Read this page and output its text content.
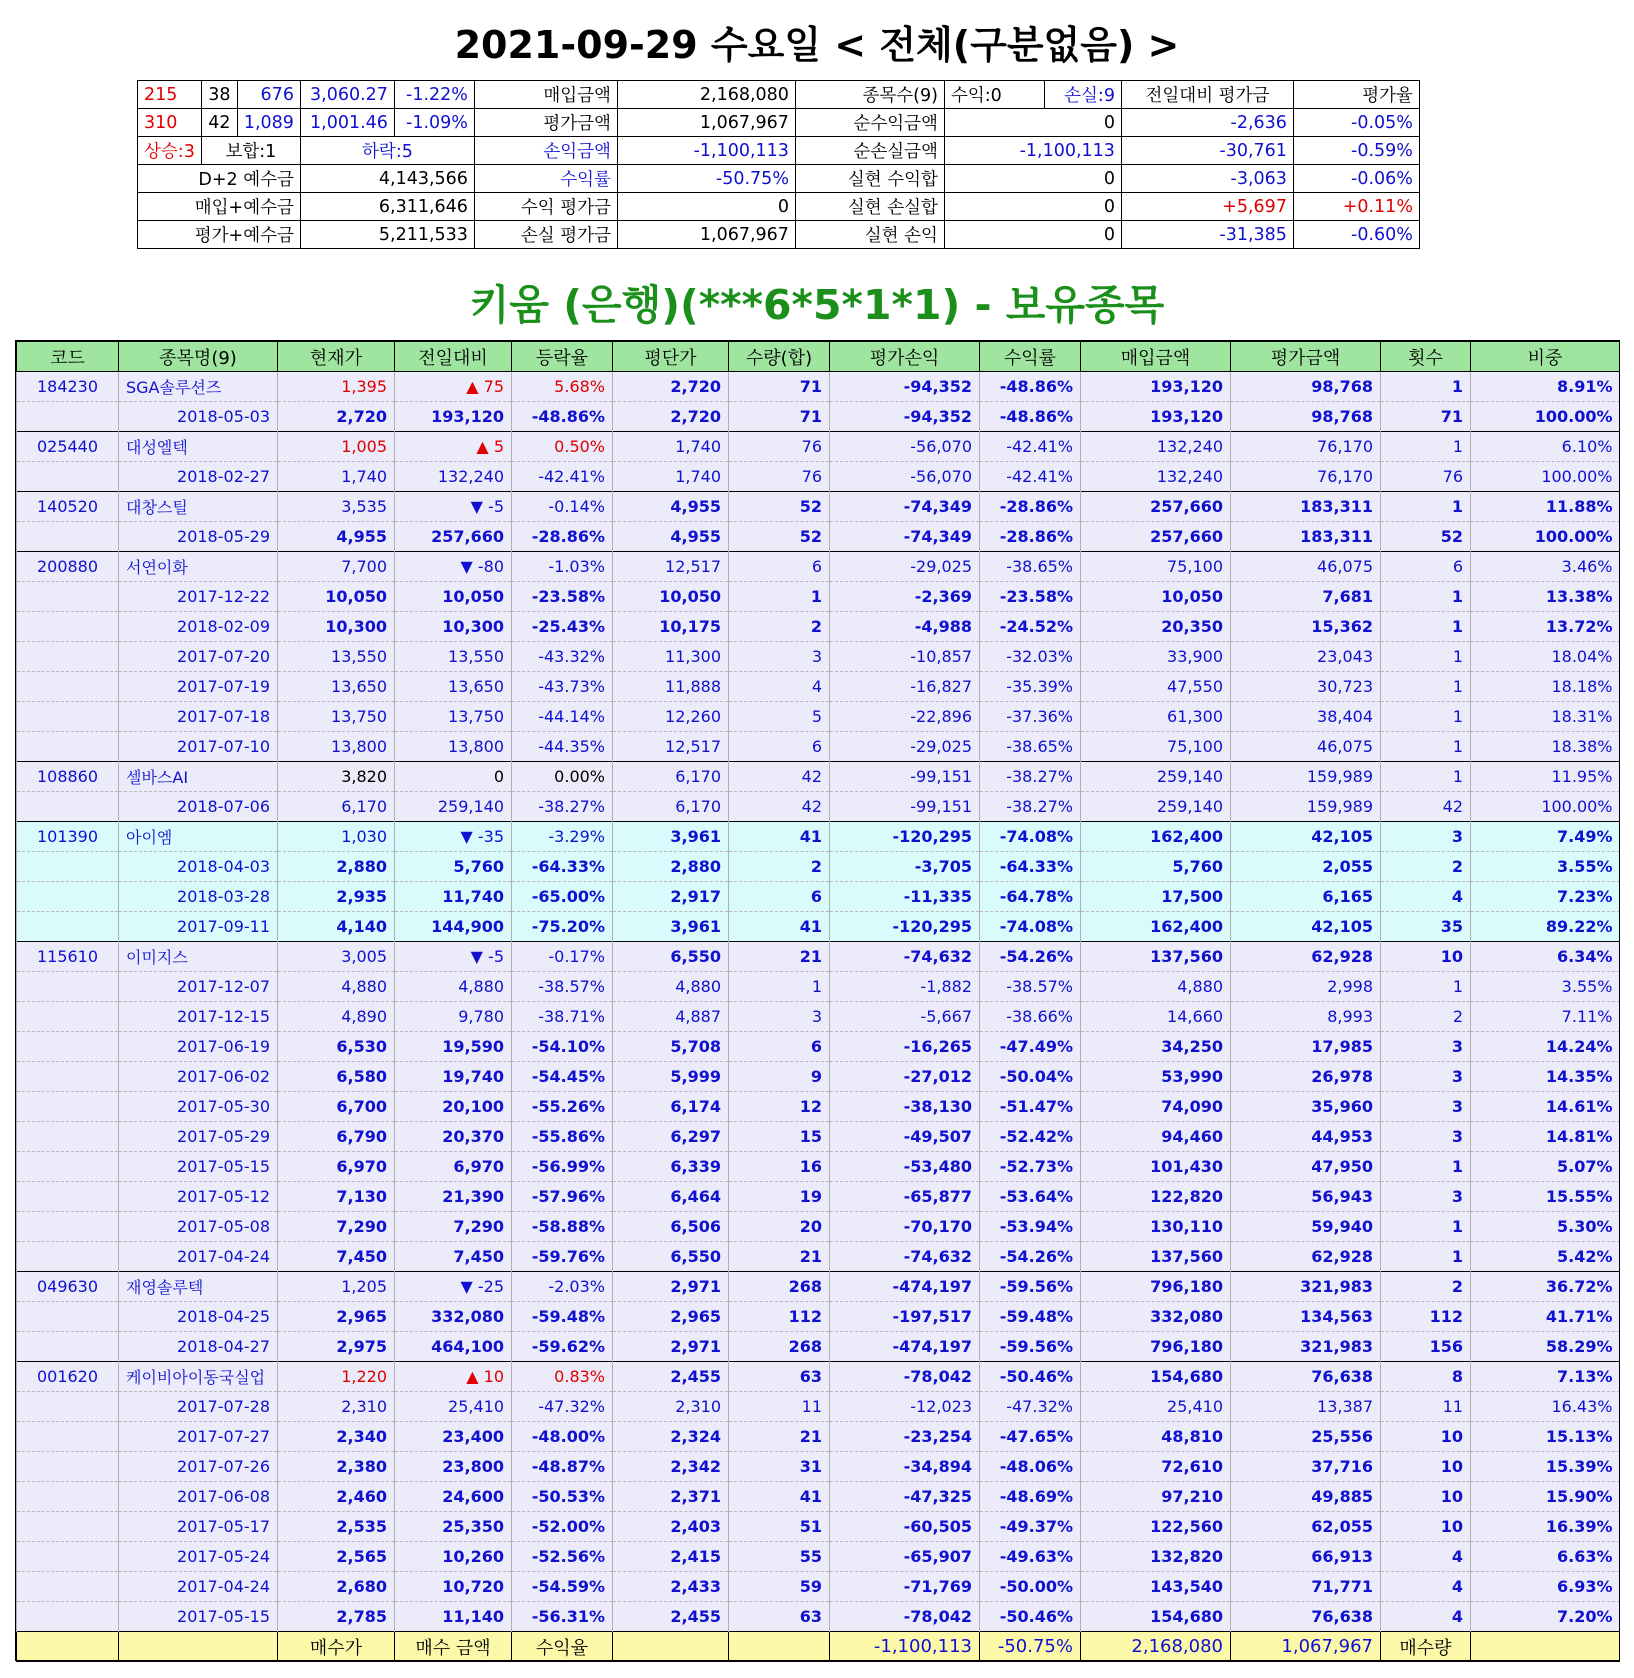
2021-09-29 수요일 < 전체(구분없음) >
215	38	676	3,060.27	-1.22%	매입금액	2,168,080	종목수(9)	수익:0	손실:9	전일대비 평가금	평가율
310	42	1,089	1,001.46	-1.09%	평가금액	1,067,967	순수익금액	0		-2,636	-0.05%
상승:3	보합:1		하락:5		손익금액	-1,100,113	순손실금액	-1,100,113		-30,761	-0.59%
D+2 예수금			4,143,566		수익률	-50.75%	실현 수익합	0		-3,063	-0.06%
매입+예수금			6,311,646		수익 평가금	0	실현 손실합	0		+5,697	+0.11%
평가+예수금			5,211,533		손실 평가금	1,067,967	실현 손익	0		-31,385	-0.60%
키움 (은행)(***6*5*1*1) - 보유종목
코드	종목명(9)	현재가	전일대비	등락율	평단가	수량(합)	평가손익	수익률	매입금액	평가금액	횟수	비중
184230	SGA솔루션즈	1,395	▲ 75	5.68%	2,720	71	-94,352	-48.86%	193,120	98,768	1	8.91%
	2018-05-03	2,720	193,120	-48.86%	2,720	71	-94,352	-48.86%	193,120	98,768	71	100.00%
025440	대성엘텍	1,005	▲ 5	0.50%	1,740	76	-56,070	-42.41%	132,240	76,170	1	6.10%
	2018-02-27	1,740	132,240	-42.41%	1,740	76	-56,070	-42.41%	132,240	76,170	76	100.00%
140520	대창스틸	3,535	▼ -5	-0.14%	4,955	52	-74,349	-28.86%	257,660	183,311	1	11.88%
	2018-05-29	4,955	257,660	-28.86%	4,955	52	-74,349	-28.86%	257,660	183,311	52	100.00%
200880	서연이화	7,700	▼ -80	-1.03%	12,517	6	-29,025	-38.65%	75,100	46,075	6	3.46%
	2017-12-22	10,050	10,050	-23.58%	10,050	1	-2,369	-23.58%	10,050	7,681	1	13.38%
	2018-02-09	10,300	10,300	-25.43%	10,175	2	-4,988	-24.52%	20,350	15,362	1	13.72%
	2017-07-20	13,550	13,550	-43.32%	11,300	3	-10,857	-32.03%	33,900	23,043	1	18.04%
	2017-07-19	13,650	13,650	-43.73%	11,888	4	-16,827	-35.39%	47,550	30,723	1	18.18%
	2017-07-18	13,750	13,750	-44.14%	12,260	5	-22,896	-37.36%	61,300	38,404	1	18.31%
	2017-07-10	13,800	13,800	-44.35%	12,517	6	-29,025	-38.65%	75,100	46,075	1	18.38%
108860	셀바스AI	3,820	0	0.00%	6,170	42	-99,151	-38.27%	259,140	159,989	1	11.95%
	2018-07-06	6,170	259,140	-38.27%	6,170	42	-99,151	-38.27%	259,140	159,989	42	100.00%
101390	아이엠	1,030	▼ -35	-3.29%	3,961	41	-120,295	-74.08%	162,400	42,105	3	7.49%
	2018-04-03	2,880	5,760	-64.33%	2,880	2	-3,705	-64.33%	5,760	2,055	2	3.55%
	2018-03-28	2,935	11,740	-65.00%	2,917	6	-11,335	-64.78%	17,500	6,165	4	7.23%
	2017-09-11	4,140	144,900	-75.20%	3,961	41	-120,295	-74.08%	162,400	42,105	35	89.22%
115610	이미지스	3,005	▼ -5	-0.17%	6,550	21	-74,632	-54.26%	137,560	62,928	10	6.34%
	2017-12-07	4,880	4,880	-38.57%	4,880	1	-1,882	-38.57%	4,880	2,998	1	3.55%
	2017-12-15	4,890	9,780	-38.71%	4,887	3	-5,667	-38.66%	14,660	8,993	2	7.11%
	2017-06-19	6,530	19,590	-54.10%	5,708	6	-16,265	-47.49%	34,250	17,985	3	14.24%
	2017-06-02	6,580	19,740	-54.45%	5,999	9	-27,012	-50.04%	53,990	26,978	3	14.35%
	2017-05-30	6,700	20,100	-55.26%	6,174	12	-38,130	-51.47%	74,090	35,960	3	14.61%
	2017-05-29	6,790	20,370	-55.86%	6,297	15	-49,507	-52.42%	94,460	44,953	3	14.81%
	2017-05-15	6,970	6,970	-56.99%	6,339	16	-53,480	-52.73%	101,430	47,950	1	5.07%
	2017-05-12	7,130	21,390	-57.96%	6,464	19	-65,877	-53.64%	122,820	56,943	3	15.55%
	2017-05-08	7,290	7,290	-58.88%	6,506	20	-70,170	-53.94%	130,110	59,940	1	5.30%
	2017-04-24	7,450	7,450	-59.76%	6,550	21	-74,632	-54.26%	137,560	62,928	1	5.42%
049630	재영솔루텍	1,205	▼ -25	-2.03%	2,971	268	-474,197	-59.56%	796,180	321,983	2	36.72%
	2018-04-25	2,965	332,080	-59.48%	2,965	112	-197,517	-59.48%	332,080	134,563	112	41.71%
	2018-04-27	2,975	464,100	-59.62%	2,971	268	-474,197	-59.56%	796,180	321,983	156	58.29%
001620	케이비아이동국실업	1,220	▲ 10	0.83%	2,455	63	-78,042	-50.46%	154,680	76,638	8	7.13%
	2017-07-28	2,310	25,410	-47.32%	2,310	11	-12,023	-47.32%	25,410	13,387	11	16.43%
	2017-07-27	2,340	23,400	-48.00%	2,324	21	-23,254	-47.65%	48,810	25,556	10	15.13%
	2017-07-26	2,380	23,800	-48.87%	2,342	31	-34,894	-48.06%	72,610	37,716	10	15.39%
	2017-06-08	2,460	24,600	-50.53%	2,371	41	-47,325	-48.69%	97,210	49,885	10	15.90%
	2017-05-17	2,535	25,350	-52.00%	2,403	51	-60,505	-49.37%	122,560	62,055	10	16.39%
	2017-05-24	2,565	10,260	-52.56%	2,415	55	-65,907	-49.63%	132,820	66,913	4	6.63%
	2017-04-24	2,680	10,720	-54.59%	2,433	59	-71,769	-50.00%	143,540	71,771	4	6.93%
	2017-05-15	2,785	11,140	-56.31%	2,455	63	-78,042	-50.46%	154,680	76,638	4	7.20%
		매수가	매수 금액	수익율			-1,100,113	-50.75%	2,168,080	1,067,967	매수량	
